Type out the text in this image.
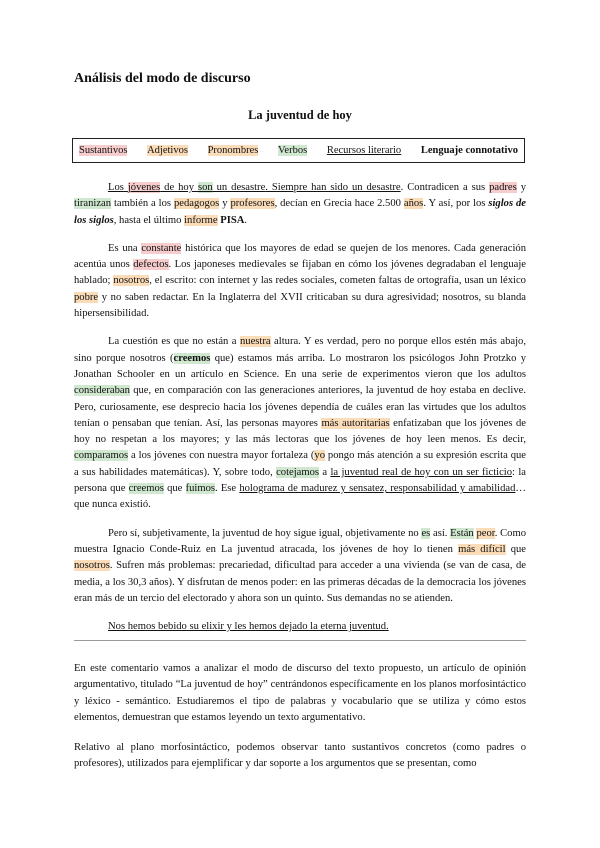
Análisis del modo de discurso
La juventud de hoy
Sustantivos Adjetivos Pronombres Verbos Recursos literario Lenguaje connotativo

Los jóvenes de hoy son un desastre. Siempre han sido un desastre. Contradicen a sus padres y tiranizan también a los pedagogos y profesores, decían en Grecia hace 2.500 años. Y así, por los siglos de los siglos, hasta el último informe PISA.

Es una constante histórica que los mayores de edad se quejen de los menores. Cada generación acentúa unos defectos. Los japoneses medievales se fijaban en cómo los jóvenes degradaban el lenguaje hablado; nosotros, el escrito: con internet y las redes sociales, cometen faltas de ortografía, usan un léxico pobre y no saben redactar. En la Inglaterra del XVII criticaban su dura agresividad; nosotros, su blanda hipersensibilidad.

La cuestión es que no están a nuestra altura. Y es verdad, pero no porque ellos estén más abajo, sino porque nosotros (creemos que) estamos más arriba. Lo mostraron los psicólogos John Protzko y Jonathan Schooler en un artículo en Science. En una serie de experimentos vieron que los adultos consideraban que, en comparación con las generaciones anteriores, la juventud de hoy estaba en declive. Pero, curiosamente, ese desprecio hacia los jóvenes dependía de cuáles eran las virtudes que los adultos tenían o pensaban que tenían. Así, las personas mayores más autoritarias enfatizaban que los jóvenes de hoy no respetan a los mayores; y las más lectoras que los jóvenes de hoy leen menos. Es decir, comparamos a los jóvenes con nuestra mayor fortaleza (yo pongo más atención a su expresión escrita que a sus habilidades matemáticas). Y, sobre todo, cotejamos a la juventud real de hoy con un ser ficticio: la persona que creemos que fuimos. Ese holograma de madurez y sensatez, responsabilidad y amabilidad… que nunca existió.

Pero sí, subjetivamente, la juventud de hoy sigue igual, objetivamente no es así. Están peor. Como muestra Ignacio Conde-Ruiz en La juventud atracada, los jóvenes de hoy lo tienen más difícil que nosotros. Sufren más problemas: precariedad, dificultad para acceder a una vivienda (se van de casa, de media, a los 30,3 años). Y disfrutan de menos poder: en las primeras décadas de la democracia los jóvenes eran más de un tercio del electorado y ahora son un quinto. Sus demandas no se atienden.

Nos hemos bebido su elixir y les hemos dejado la eterna juventud.

En este comentario vamos a analizar el modo de discurso del texto propuesto, un artículo de opinión argumentativo, titulado “La juventud de hoy” centrándonos específicamente en los planos morfosintáctico y léxico - semántico. Estudiaremos el tipo de palabras y vocabulario que se utiliza y cómo estos elementos, demuestran que estamos leyendo un texto argumentativo.

Relativo al plano morfosintáctico, podemos observar tanto sustantivos concretos (como padres o profesores), utilizados para ejemplificar y dar soporte a los argumentos que se presentan, como
